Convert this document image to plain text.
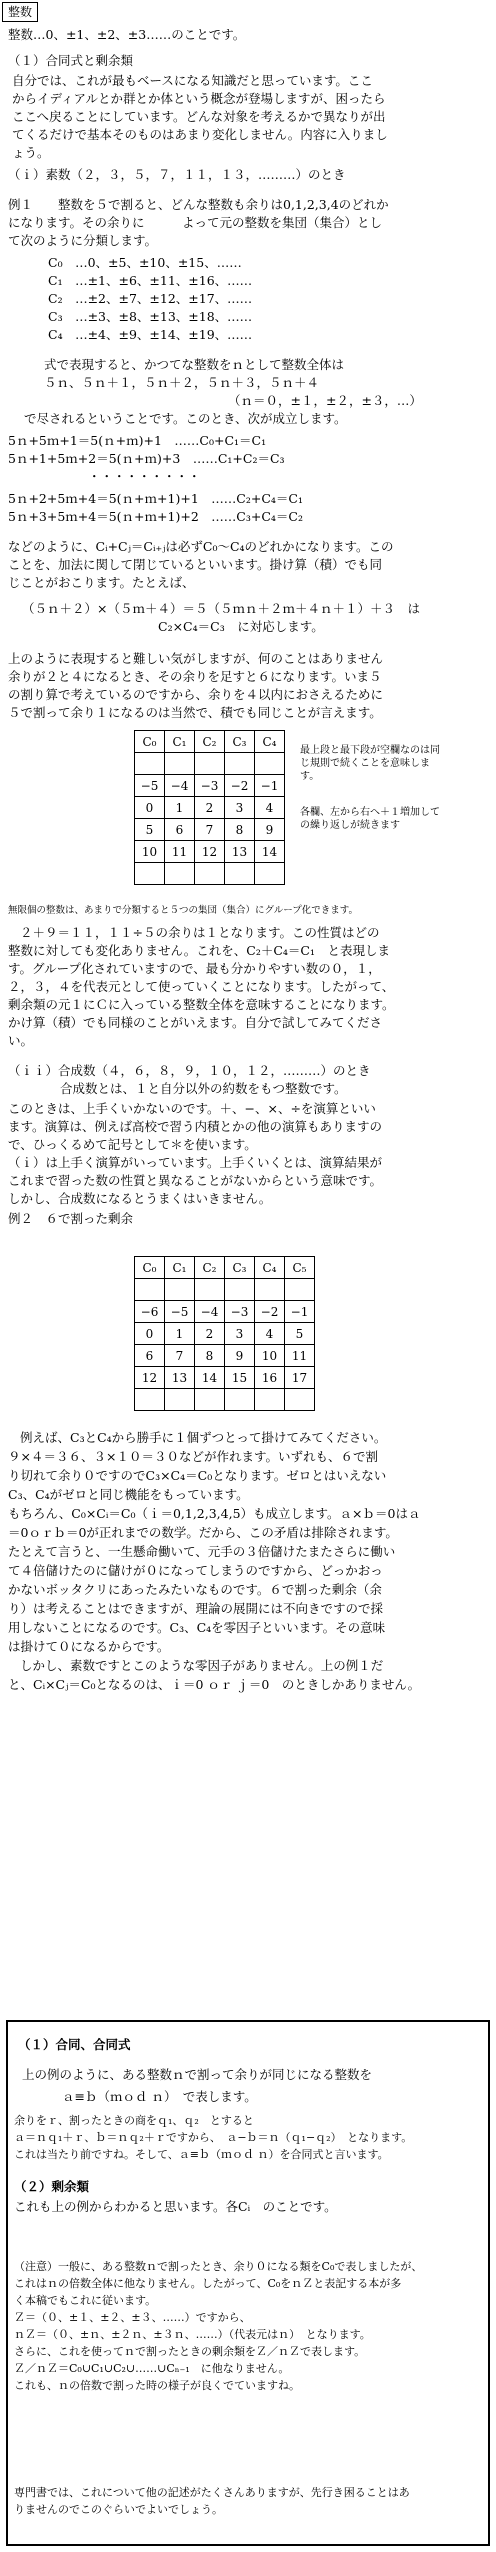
整数
整数…0、±1、±2、±3……のことです。
（１）合同式と剰余類
自分では、これが最もベースになる知識だと思っています。ここ
からイディアルとか群とか体という概念が登場しますが、困ったら
ここへ戻ることにしています。どんな対象を考えるかで異なりが出
てくるだけで基本そのものはあまり変化しません。内容に入りまし
ょう。
（ｉ）素数（２，３，５，７，１１，１３，………）のとき
例１　　整数を５で割ると、どんな整数も余りは0,1,2,3,4のどれか
になります。その余りに　　　よって元の整数を集団（集合）とし
て次のように分類します。
C₀　…0、±5、±10、±15、……
C₁　…±1、±6、±11、±16、……
C₂　…±2、±7、±12、±17、……
C₃　…±3、±8、±13、±18、……
C₄　…±4、±9、±14、±19、……
式で表現すると、かつてな整数をｎとして整数全体は
５ｎ、５ｎ＋１，５ｎ＋２，５ｎ＋３，５ｎ＋４
（ｎ＝０，±１，±２，±３，…）
で尽されるということです。このとき、次が成立します。
5ｎ+5ｍ+1＝5(ｎ+ｍ)+1　……C₀+C₁＝C₁
5ｎ+1+5ｍ+2＝5(ｎ+ｍ)+3　……C₁+C₂＝C₃
・・・・・・・・・
5ｎ+2+5ｍ+4＝5(ｎ+ｍ+1)+1　……C₂+C₄＝C₁
5ｎ+3+5ｍ+4＝5(ｎ+ｍ+1)+2　……C₃+C₄＝C₂
などのように、Cᵢ+Cⱼ＝Cᵢ₊ⱼは必ずC₀〜C₄のどれかになります。この
ことを、加法に関して閉じているといいます。掛け算（積）でも同
じことがおこります。たとえば、
（５ｎ＋２）×（５ｍ＋４）＝５（５ｍｎ＋２ｍ＋４ｎ＋１）＋３　は
C₂×C₄＝C₃　に対応します。
上のように表現すると難しい気がしますが、何のことはありません
余りが２と４になるとき、その余りを足すと６になります。いま５
の割り算で考えているのですから、余りを４以内におさえるために
５で割って余り１になるのは当然で、積でも同じことが言えます。
C₀	C₁	C₂	C₃	C₄

−5	−4	−3	−2	−1
0	1	2	3	4
5	6	7	8	9
10	11	12	13	14

最上段と最下段が空欄なのは同じ規則で続くことを意味します。
各欄、左から右へ＋１増加しての繰り返しが続きます
無限個の整数は、あまりで分類すると５つの集団（集合）にグループ化できます。
２＋９＝１１，１１÷５の余りは１となります。この性質はどの
整数に対しても変化ありません。これを、C₂＋C₄＝C₁　と表現しま
す。グループ化されていますので、最も分かりやすい数の０，１，
２，３，４を代表元として使っていくことになります。したがって、
剰余類の元１にＣに入っている整数全体を意味することになります。
かけ算（積）でも同様のことがいえます。自分で試してみてくださ
い。
（ｉｉ）合成数（４，６，８，９，１０，１２，………）のとき
合成数とは、１と自分以外の約数をもつ整数です。
このときは、上手くいかないのです。＋、−、×、÷を演算といい
ます。演算は、例えば高校で習う内積とかの他の演算もありますの
で、ひっくるめて記号として＊を使います。
（ｉ）は上手く演算がいっています。上手くいくとは、演算結果が
これまで習った数の性質と異なることがないからという意味です。
しかし、合成数になるとうまくはいきません。
例２　６で割った剰余
C₀	C₁	C₂	C₃	C₄	C₅

−6	−5	−4	−3	−2	−1
0	1	2	3	4	5
6	7	8	9	10	11
12	13	14	15	16	17

例えば、C₃とC₄から勝手に１個ずつとって掛けてみてください。
９×４＝３６、３×１０＝３０などが作れます。いずれも、６で割
り切れて余り０ですのでC₃×C₄＝C₀となります。ゼロとはいえない
C₃、C₄がゼロと同じ機能をもっています。
もちろん、C₀×Cᵢ＝C₀（ｉ＝0,1,2,3,4,5）も成立します。ａ×ｂ＝0はａ
＝0ｏｒｂ＝0が正れまでの数学。だから、この矛盾は排除されます。
たとえて言うと、一生懸命働いて、元手の３倍儲けたまたさらに働い
て４倍儲けたのに儲けが０になってしまうのですから、どっかおっ
かないボッタクリにあったみたいなものです。６で割った剰余（余
り）は考えることはできますが、理論の展開には不向きですので採
用しないことになるのです。C₃、C₄を零因子といいます。その意味
は掛けて０になるからです。
しかし、素数ですとこのような零因子がありません。上の例１だ
と、Cᵢ×Cⱼ＝C₀となるのは、ｉ＝0 ｏｒ ｊ＝0　のときしかありません。
（１）合同、合同式
上の例のように、ある整数ｎで割って余りが同じになる整数を
ａ≡ｂ（ｍｏｄ ｎ）　で表します。
余りをｒ、割ったときの商をｑ₁、ｑ₂　とすると
ａ＝ｎｑ₁＋ｒ、ｂ＝ｎｑ₂＋ｒですから、　ａ−ｂ＝ｎ（ｑ₁−ｑ₂）　となります。
これは当たり前ですね。そして、ａ≡ｂ（ｍｏｄ ｎ）を合同式と言います。
（２）剰余類
これも上の例からわかると思います。各Cᵢ　のことです。
（注意）一般に、ある整数ｎで割ったとき、余り０になる類をC₀で表しましたが、
これはｎの倍数全体に他なりません。したがって、C₀をｎＺと表記する本が多
く本稿でもこれに従います。
Ｚ＝（０、±１、±２、±３、……）ですから、
ｎＺ＝（０、±ｎ、±２ｎ、±３ｎ、……）（代表元はｎ）　となります。
さらに、これを使ってｎで割ったときの剰余類をＺ／ｎＺで表します。
Ｚ／ｎＺ＝C₀∪C₁∪C₂∪……∪Cₙ₋₁　に他なりません。
これも、ｎの倍数で割った時の様子が良くでていますね。
専門書では、これについて他の記述がたくさんありますが、先行き困ることはあ
りませんのでこのぐらいでよいでしょう。
